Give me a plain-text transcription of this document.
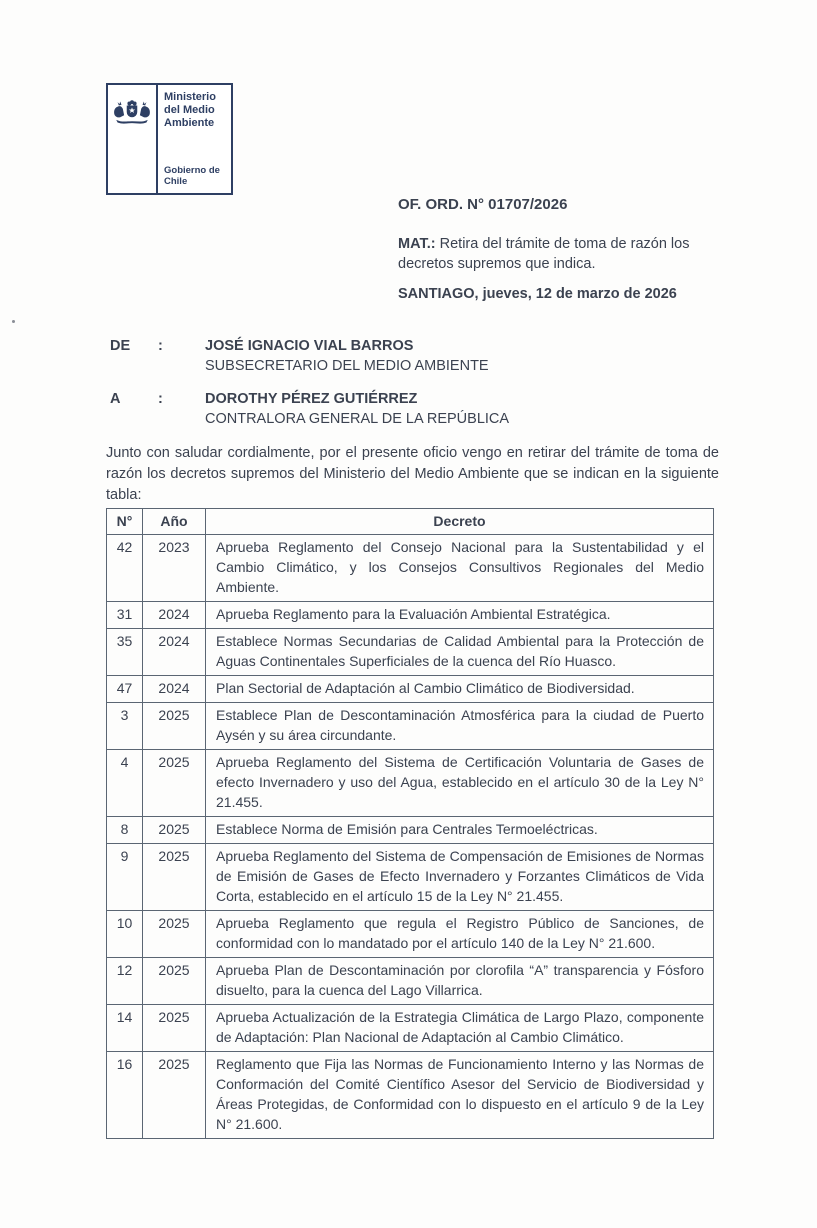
Ministerio del Medio Ambiente
Gobierno de Chile
OF. ORD. N° 01707/2026
MAT.: Retira del trámite de toma de razón los decretos supremos que indica.
SANTIAGO, jueves, 12 de marzo de 2026
DE	:	JOSÉ IGNACIO VIAL BARROS
SUBSECRETARIO DEL MEDIO AMBIENTE
A	:	DOROTHY PÉREZ GUTIÉRREZ
CONTRALORA GENERAL DE LA REPÚBLICA
Junto con saludar cordialmente, por el presente oficio vengo en retirar del trámite de toma de razón los decretos supremos del Ministerio del Medio Ambiente que se indican en la siguiente tabla:
N°	Año	Decreto
42	2023	Aprueba Reglamento del Consejo Nacional para la Sustentabilidad y el Cambio Climático, y los Consejos Consultivos Regionales del Medio Ambiente.
31	2024	Aprueba Reglamento para la Evaluación Ambiental Estratégica.
35	2024	Establece Normas Secundarias de Calidad Ambiental para la Protección de Aguas Continentales Superficiales de la cuenca del Río Huasco.
47	2024	Plan Sectorial de Adaptación al Cambio Climático de Biodiversidad.
3	2025	Establece Plan de Descontaminación Atmosférica para la ciudad de Puerto Aysén y su área circundante.
4	2025	Aprueba Reglamento del Sistema de Certificación Voluntaria de Gases de efecto Invernadero y uso del Agua, establecido en el artículo 30 de la Ley N° 21.455.
8	2025	Establece Norma de Emisión para Centrales Termoeléctricas.
9	2025	Aprueba Reglamento del Sistema de Compensación de Emisiones de Normas de Emisión de Gases de Efecto Invernadero y Forzantes Climáticos de Vida Corta, establecido en el artículo 15 de la Ley N° 21.455.
10	2025	Aprueba Reglamento que regula el Registro Público de Sanciones, de conformidad con lo mandatado por el artículo 140 de la Ley N° 21.600.
12	2025	Aprueba Plan de Descontaminación por clorofila “A” transparencia y Fósforo disuelto, para la cuenca del Lago Villarrica.
14	2025	Aprueba Actualización de la Estrategia Climática de Largo Plazo, componente de Adaptación: Plan Nacional de Adaptación al Cambio Climático.
16	2025	Reglamento que Fija las Normas de Funcionamiento Interno y las Normas de Conformación del Comité Científico Asesor del Servicio de Biodiversidad y Áreas Protegidas, de Conformidad con lo dispuesto en el artículo 9 de la Ley N° 21.600.
